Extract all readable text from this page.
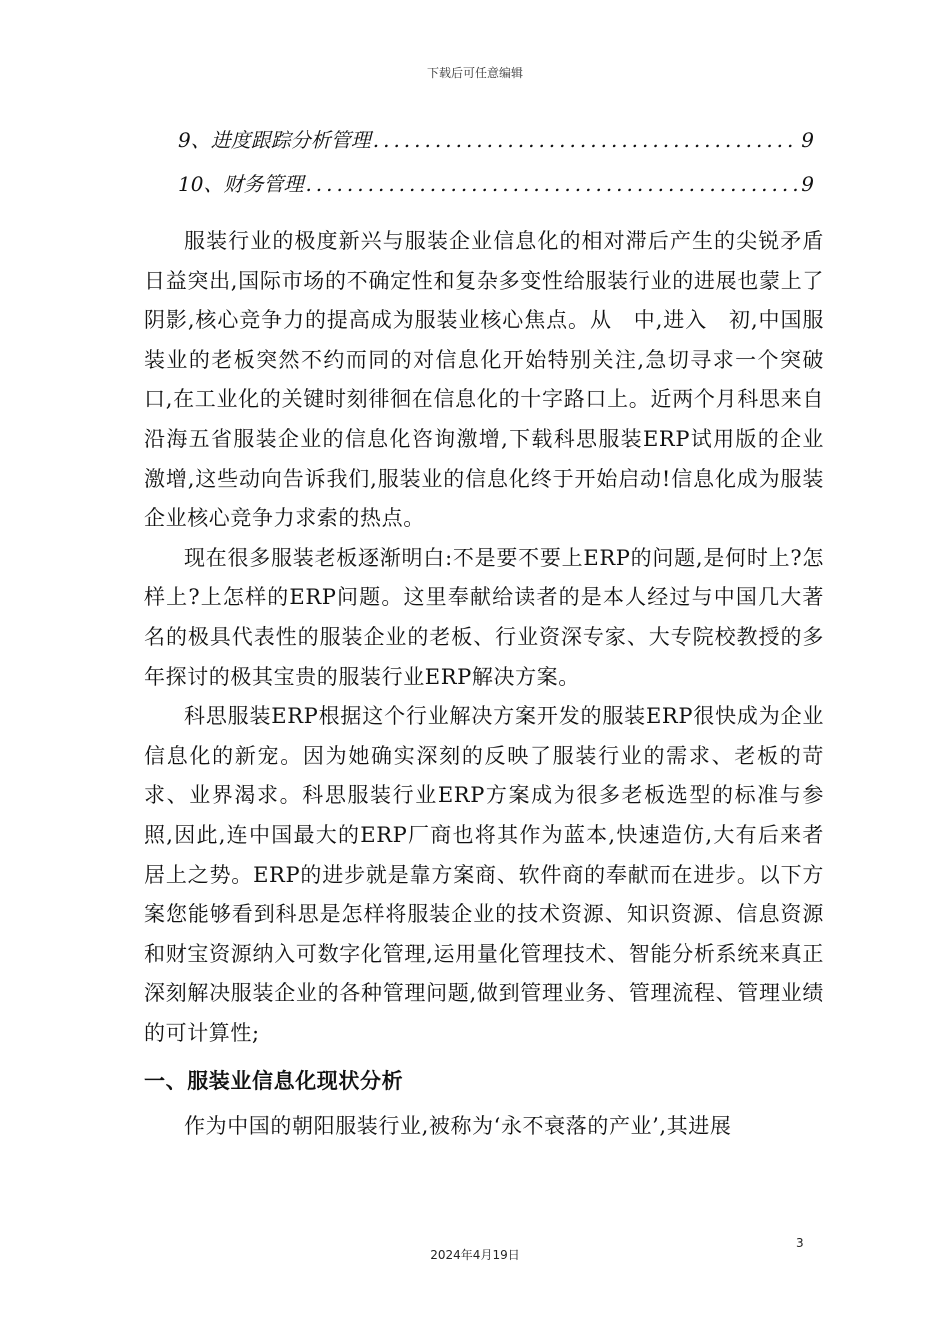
下载后可任意编辑
9、进度跟踪分析管理 .....	9
10、财务管理 .....	9

服装行业的极度新兴与服装企业信息化的相对滞后产生的尖锐矛盾日益突出,国际市场的不确定性和复杂多变性给服装行业的进展也蒙上了阴影,核心竞争力的提高成为服装业核心焦点。从　中,进入　初,中国服装业的老板突然不约而同的对信息化开始特别关注,急切寻求一个突破口,在工业化的关键时刻徘徊在信息化的十字路口上。近两个月科思来自沿海五省服装企业的信息化咨询激增,下载科思服装ERP试用版的企业激增,这些动向告诉我们,服装业的信息化终于开始启动!信息化成为服装企业核心竞争力求索的热点。

现在很多服装老板逐渐明白:不是要不要上ERP的问题,是何时上?怎样上?上怎样的ERP问题。这里奉献给读者的是本人经过与中国几大著名的极具代表性的服装企业的老板、行业资深专家、大专院校教授的多年探讨的极其宝贵的服装行业ERP解决方案。

科思服装ERP根据这个行业解决方案开发的服装ERP很快成为企业信息化的新宠。因为她确实深刻的反映了服装行业的需求、老板的苛求、业界渴求。科思服装行业ERP方案成为很多老板选型的标准与参照,因此,连中国最大的ERP厂商也将其作为蓝本,快速造仿,大有后来者居上之势。ERP的进步就是靠方案商、软件商的奉献而在进步。以下方案您能够看到科思是怎样将服装企业的技术资源、知识资源、信息资源和财宝资源纳入可数字化管理,运用量化管理技术、智能分析系统来真正深刻解决服装企业的各种管理问题,做到管理业务、管理流程、管理业绩的可计算性;

一、服装业信息化现状分析

作为中国的朝阳服装行业,被称为‘永不衰落的产业’,其进展

3
2024年4月19日
